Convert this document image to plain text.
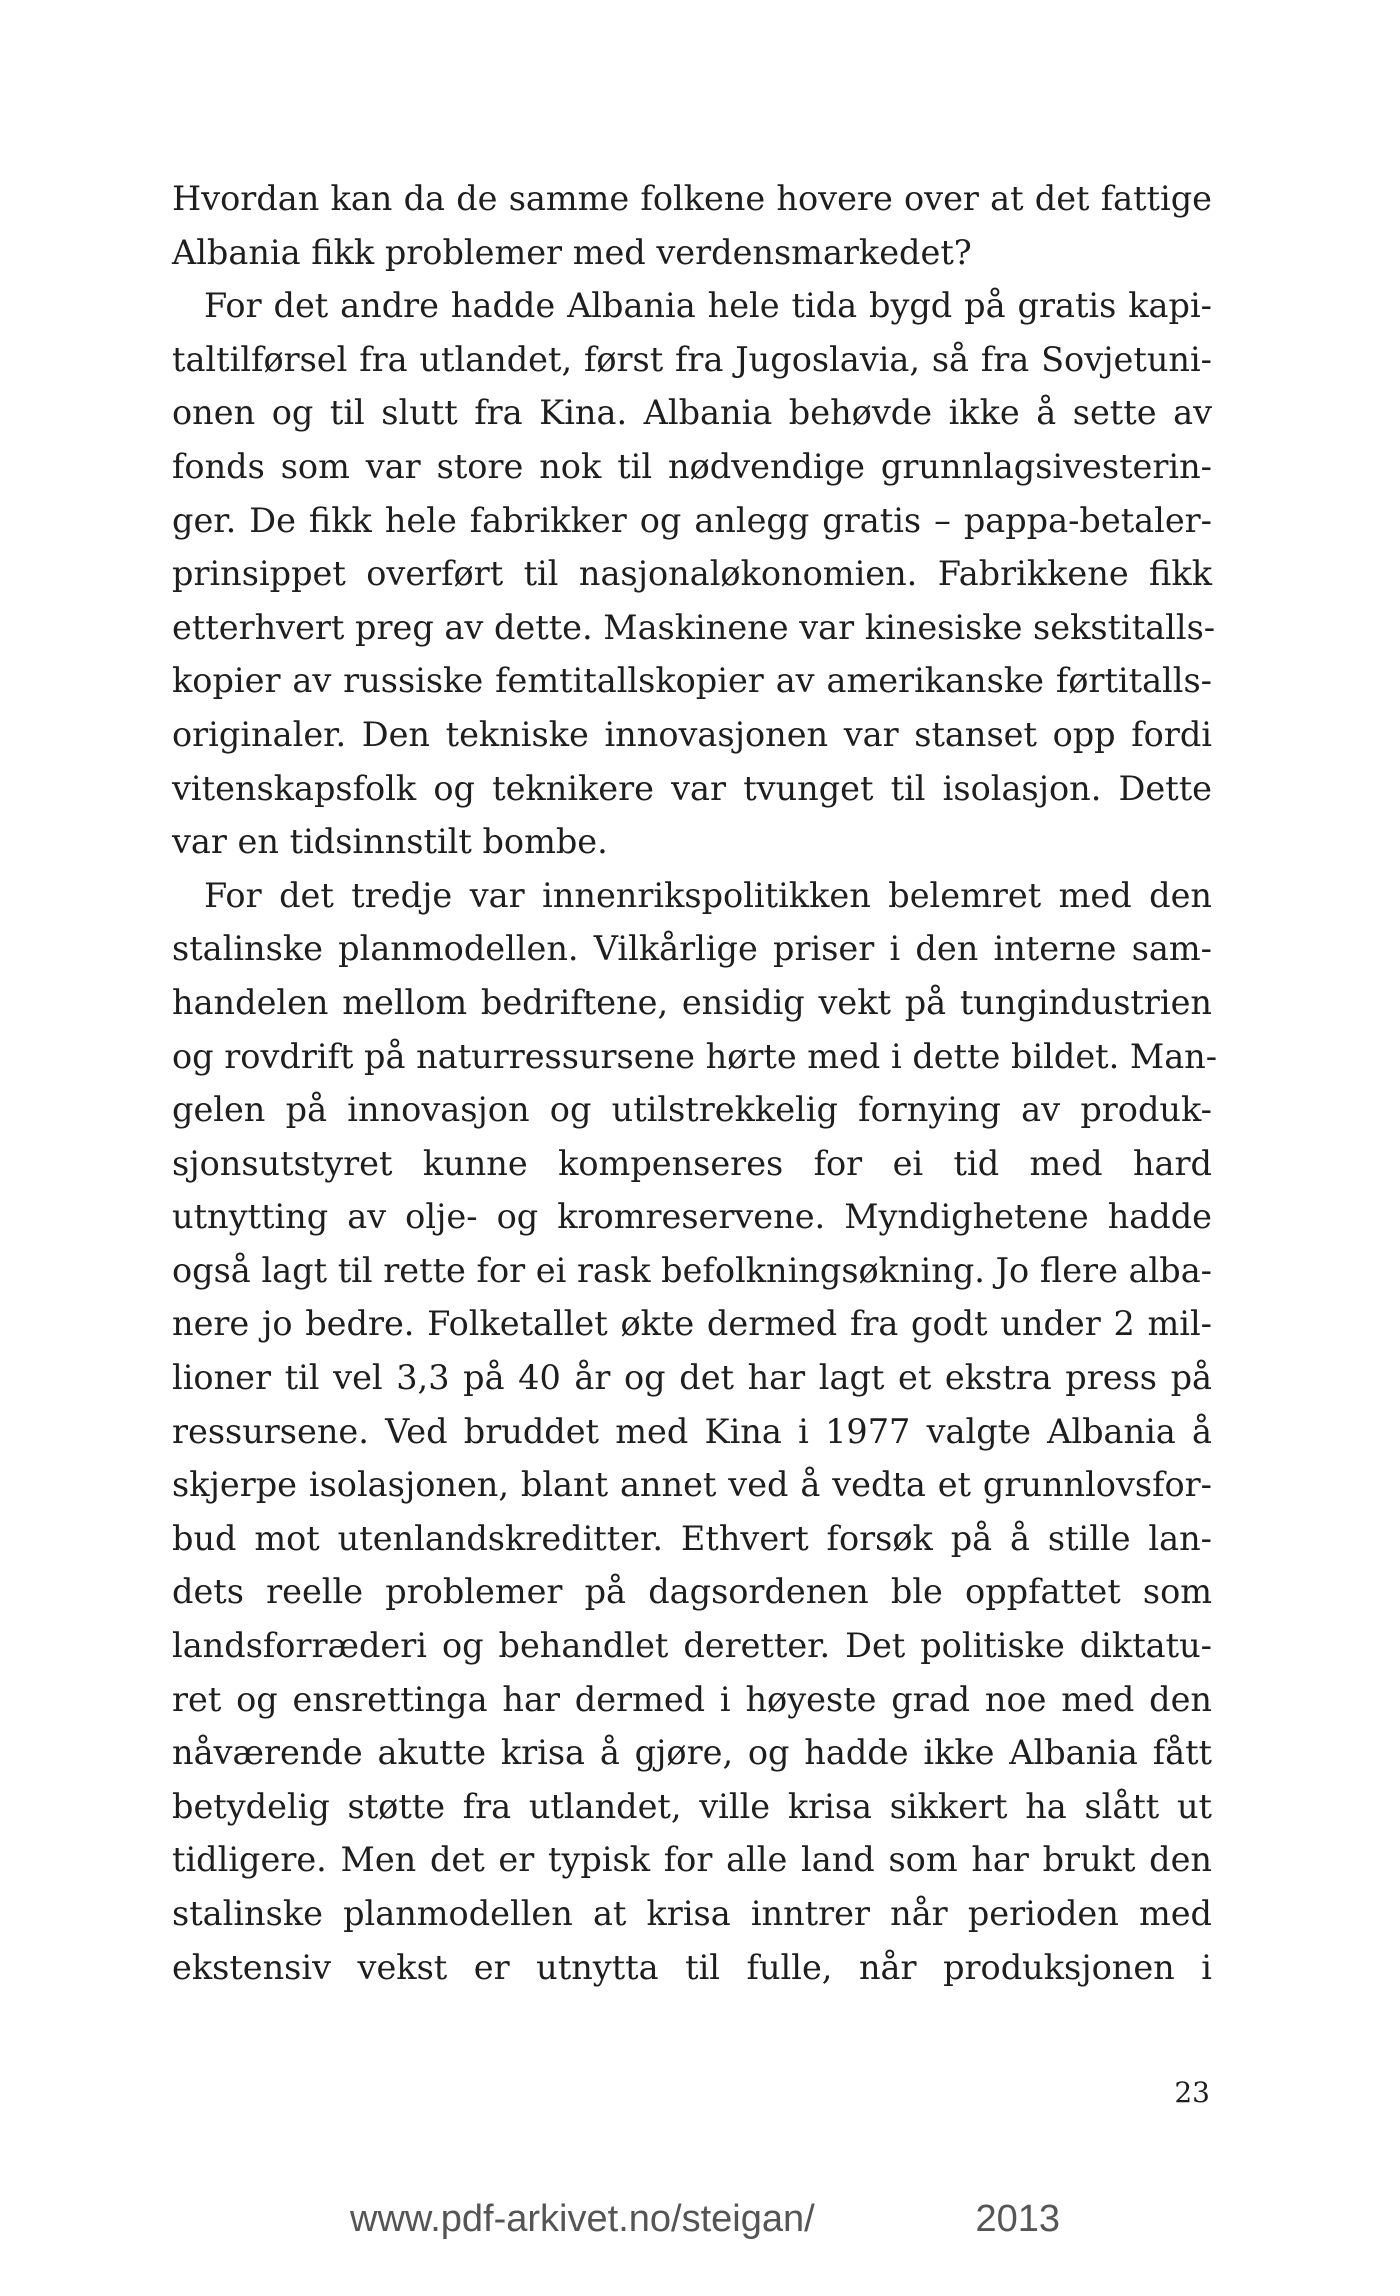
Hvordan kan da de samme folkene hovere over at det fattige
Albania fikk problemer med verdensmarkedet?
For det andre hadde Albania hele tida bygd på gratis kapi-
taltilførsel fra utlandet, først fra Jugoslavia, så fra Sovjetuni-
onen og til slutt fra Kina. Albania behøvde ikke å sette av
fonds som var store nok til nødvendige grunnlagsivesterin-
ger. De fikk hele fabrikker og anlegg gratis – pappa-betaler-
prinsippet overført til nasjonaløkonomien. Fabrikkene fikk
etterhvert preg av dette. Maskinene var kinesiske sekstitalls-
kopier av russiske femtitallskopier av amerikanske førtitalls-
originaler. Den tekniske innovasjonen var stanset opp fordi
vitenskapsfolk og teknikere var tvunget til isolasjon. Dette
var en tidsinnstilt bombe.
For det tredje var innenrikspolitikken belemret med den
stalinske planmodellen. Vilkårlige priser i den interne sam-
handelen mellom bedriftene, ensidig vekt på tungindustrien
og rovdrift på naturressursene hørte med i dette bildet. Man-
gelen på innovasjon og utilstrekkelig fornying av produk-
sjonsutstyret kunne kompenseres for ei tid med hard
utnytting av olje- og kromreservene. Myndighetene hadde
også lagt til rette for ei rask befolkningsøkning. Jo flere alba-
nere jo bedre. Folketallet økte dermed fra godt under 2 mil-
lioner til vel 3,3 på 40 år og det har lagt et ekstra press på
ressursene. Ved bruddet med Kina i 1977 valgte Albania å
skjerpe isolasjonen, blant annet ved å vedta et grunnlovsfor-
bud mot utenlandskreditter. Ethvert forsøk på å stille lan-
dets reelle problemer på dagsordenen ble oppfattet som
landsforræderi og behandlet deretter. Det politiske diktatu-
ret og ensrettinga har dermed i høyeste grad noe med den
nåværende akutte krisa å gjøre, og hadde ikke Albania fått
betydelig støtte fra utlandet, ville krisa sikkert ha slått ut
tidligere. Men det er typisk for alle land som har brukt den
stalinske planmodellen at krisa inntrer når perioden med
ekstensiv vekst er utnytta til fulle, når produksjonen i
23
www.pdf-arkivet.no/steigan/	2013
